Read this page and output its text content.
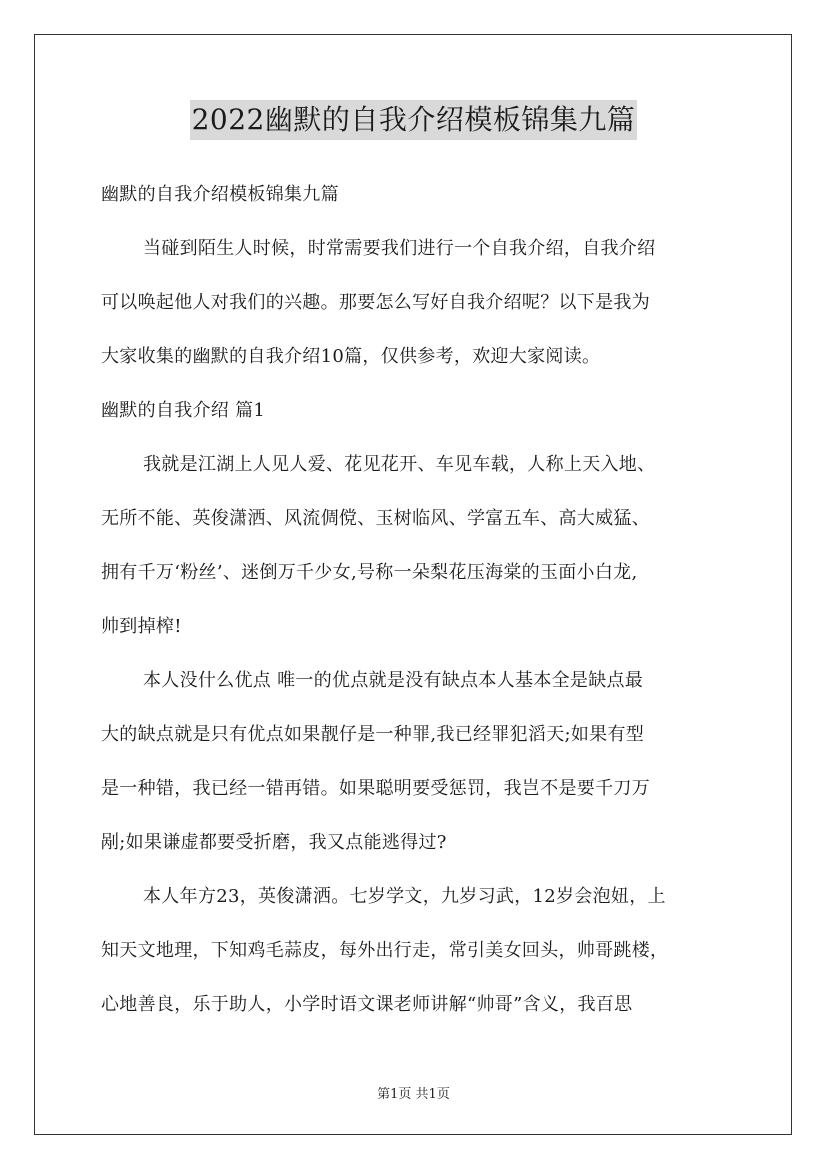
2022幽默的自我介绍模板锦集九篇
幽默的自我介绍模板锦集九篇
当碰到陌生人时候，时常需要我们进行一个自我介绍，自我介绍
可以唤起他人对我们的兴趣。那要怎么写好自我介绍呢？以下是我为
大家收集的幽默的自我介绍10篇，仅供参考，欢迎大家阅读。
幽默的自我介绍 篇1
我就是江湖上人见人爱、花见花开、车见车载，人称上天入地、
无所不能、英俊潇洒、风流倜傥、玉树临风、学富五车、高大威猛、
拥有千万‘粉丝’、迷倒万千少女,号称一朵梨花压海棠的玉面小白龙,
帅到掉榨!
本人没什么优点 唯一的优点就是没有缺点本人基本全是缺点最
大的缺点就是只有优点如果靓仔是一种罪,我已经罪犯滔天;如果有型
是一种错，我已经一错再错。如果聪明要受惩罚，我岂不是要千刀万
剐;如果谦虚都要受折磨，我又点能逃得过?
本人年方23，英俊潇洒。七岁学文，九岁习武，12岁会泡妞，上
知天文地理，下知鸡毛蒜皮，每外出行走，常引美女回头，帅哥跳楼，
心地善良，乐于助人，小学时语文课老师讲解“帅哥”含义，我百思
第1页 共1页
